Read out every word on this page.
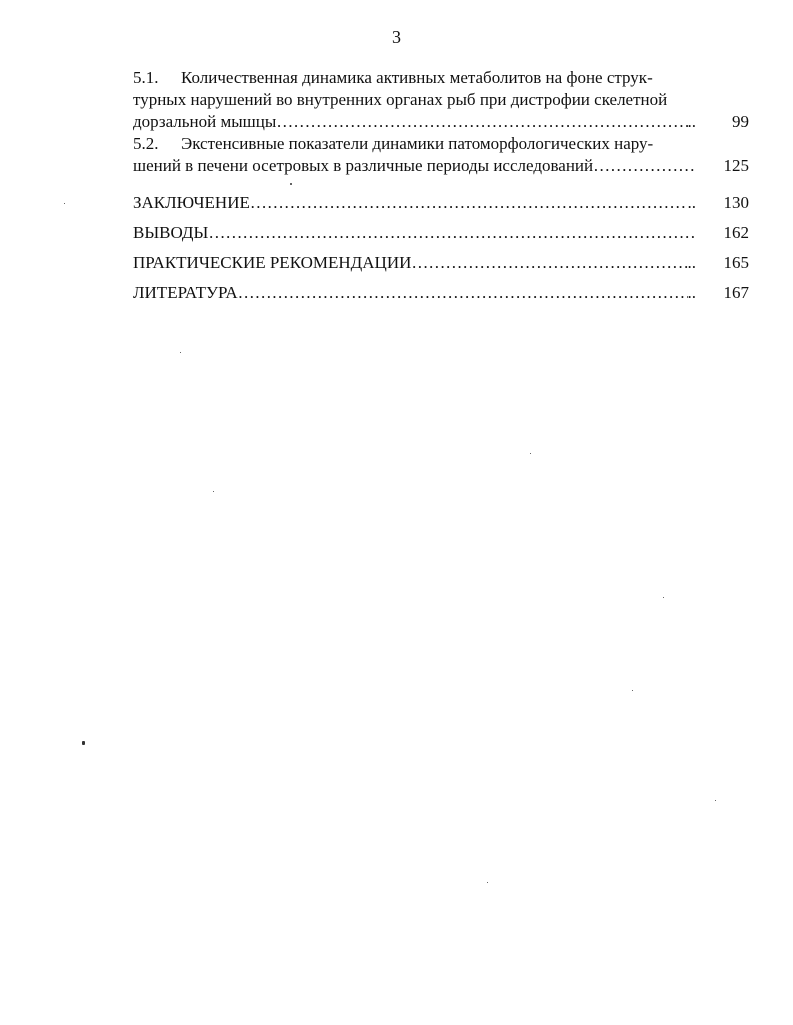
3
5.1. Количественная динамика активных метаболитов на фоне струк-
турных нарушений во внутренних органах рыб при дистрофии скелетной
дорзальной мышцы …………………………………………………………………………………………………………………………………………………………………………………………	..	99
5.2. Экстенсивные показатели динамики патоморфологических нару-
шений в печени осетровых в различные периоды исследований …………………………………………………………………………………………………………………………………………………………………………………………	125
ЗАКЛЮЧЕНИЕ …………………………………………………………………………………………………………………………………………………………………………………………	..	130
ВЫВОДЫ …………………………………………………………………………………………………………………………………………………………………………………………	162
ПРАКТИЧЕСКИЕ РЕКОМЕНДАЦИИ …………………………………………………………………………………………………………………………………………………………………………………………	..	165
ЛИТЕРАТУРА …………………………………………………………………………………………………………………………………………………………………………………………	..	167
